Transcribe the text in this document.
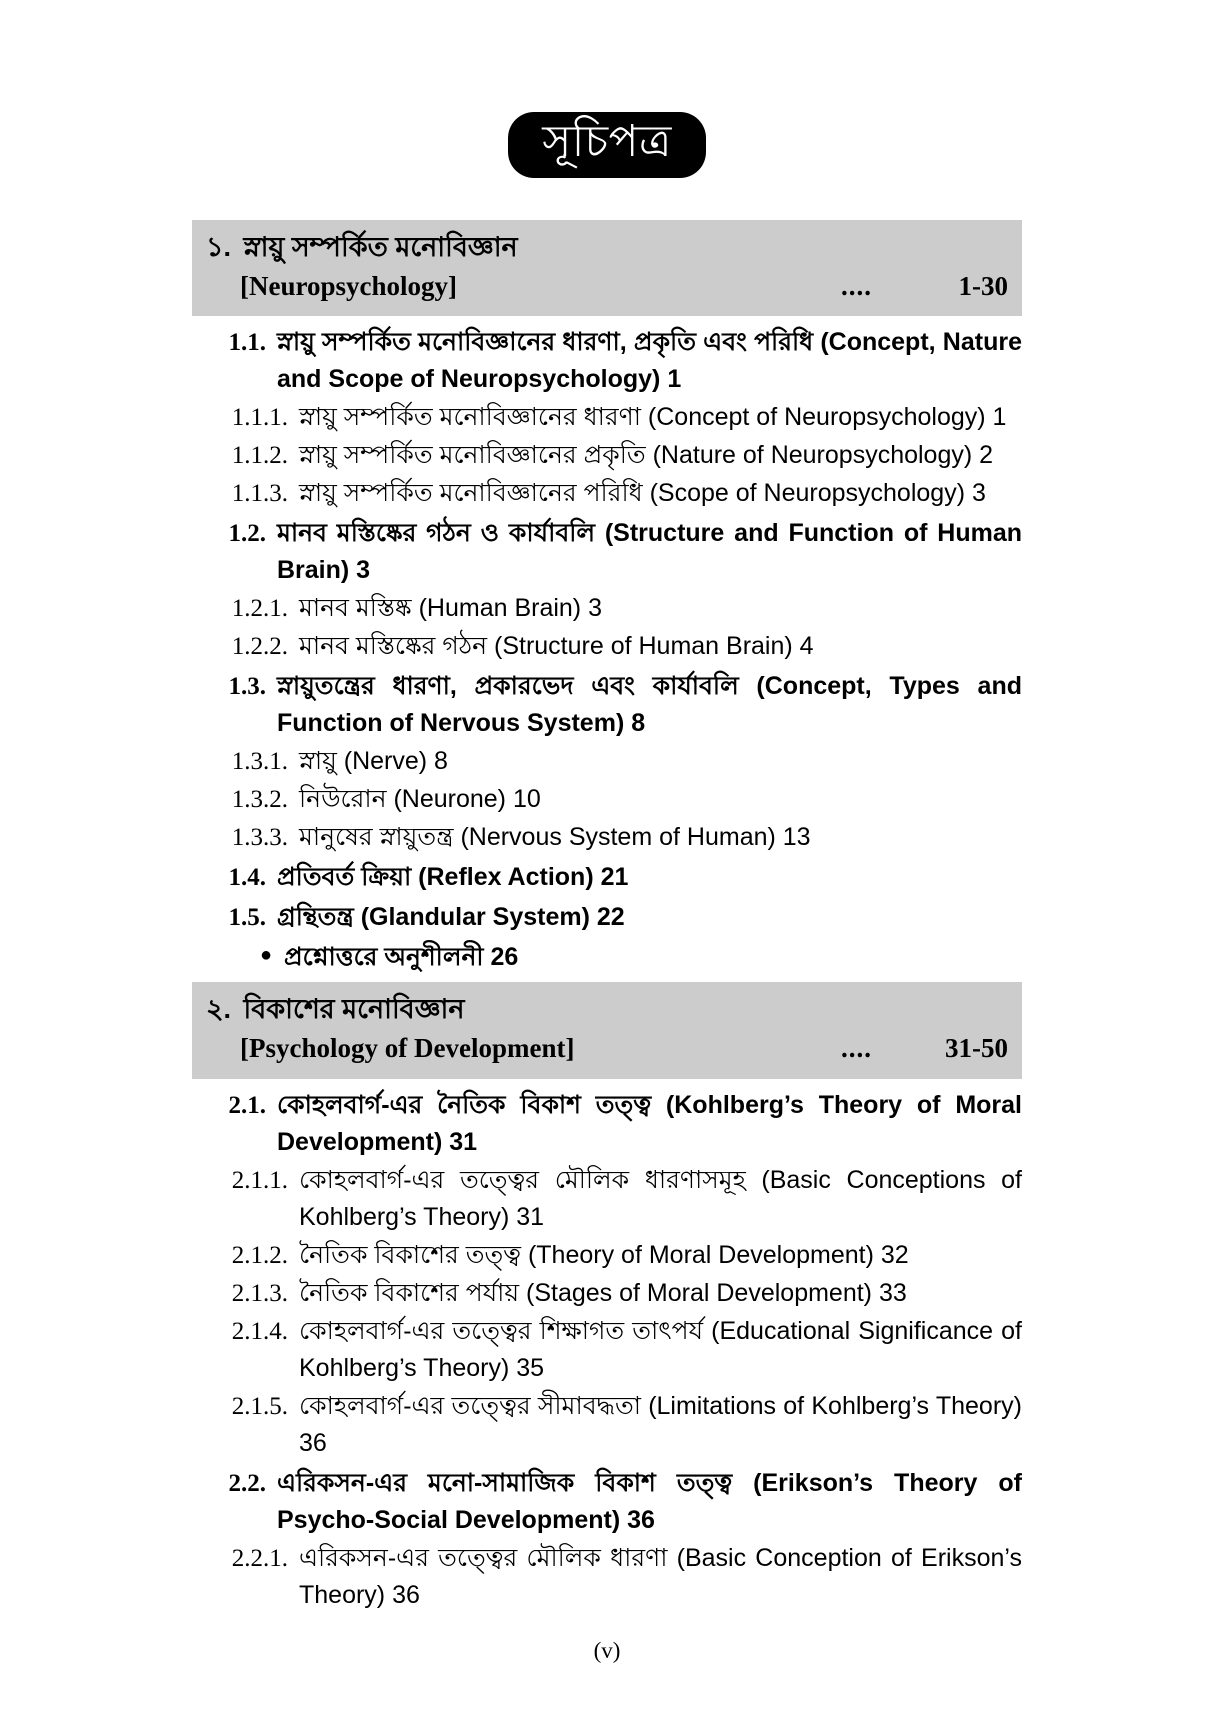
সূচিপত্র
১. স্নায়ু সম্পর্কিত মনোবিজ্ঞান
[Neuropsychology]	....	1-30
1.1. স্নায়ু সম্পর্কিত মনোবিজ্ঞানের ধারণা, প্রকৃতি এবং পরিধি (Concept, Nature and Scope of Neuropsychology) 1
1.1.1. স্নায়ু সম্পর্কিত মনোবিজ্ঞানের ধারণা (Concept of Neuropsychology) 1
1.1.2. স্নায়ু সম্পর্কিত মনোবিজ্ঞানের প্রকৃতি (Nature of Neuropsychology) 2
1.1.3. স্নায়ু সম্পর্কিত মনোবিজ্ঞানের পরিধি (Scope of Neuropsychology) 3
1.2. মানব মস্তিষ্কের গঠন ও কার্যাবলি (Structure and Function of Human Brain) 3
1.2.1. মানব মস্তিষ্ক (Human Brain) 3
1.2.2. মানব মস্তিষ্কের গঠন (Structure of Human Brain) 4
1.3. স্নায়ুতন্ত্রের ধারণা, প্রকারভেদ এবং কার্যাবলি (Concept, Types and Function of Nervous System) 8
1.3.1. স্নায়ু (Nerve) 8
1.3.2. নিউরোন (Neurone) 10
1.3.3. মানুষের স্নায়ুতন্ত্র (Nervous System of Human) 13
1.4. প্রতিবর্ত ক্রিয়া (Reflex Action) 21
1.5. গ্রন্থিতন্ত্র (Glandular System) 22
● প্রশ্নোত্তরে অনুশীলনী 26
২. বিকাশের মনোবিজ্ঞান
[Psychology of Development]	....	31-50
2.1. কোহলবার্গ-এর নৈতিক বিকাশ তত্ত্ব (Kohlberg’s Theory of Moral Development) 31
2.1.1. কোহলবার্গ-এর তত্ত্বের মৌলিক ধারণাসমূহ (Basic Conceptions of Kohlberg’s Theory) 31
2.1.2. নৈতিক বিকাশের তত্ত্ব (Theory of Moral Development) 32
2.1.3. নৈতিক বিকাশের পর্যায় (Stages of Moral Development) 33
2.1.4. কোহলবার্গ-এর তত্ত্বের শিক্ষাগত তাৎপর্য (Educational Significance of Kohlberg’s Theory) 35
2.1.5. কোহলবার্গ-এর তত্ত্বের সীমাবদ্ধতা (Limitations of Kohlberg’s Theory) 36
2.2. এরিকসন-এর মনো-সামাজিক বিকাশ তত্ত্ব (Erikson’s Theory of Psycho-Social Development) 36
2.2.1. এরিকসন-এর তত্ত্বের মৌলিক ধারণা (Basic Conception of Erikson’s Theory) 36
(v)
